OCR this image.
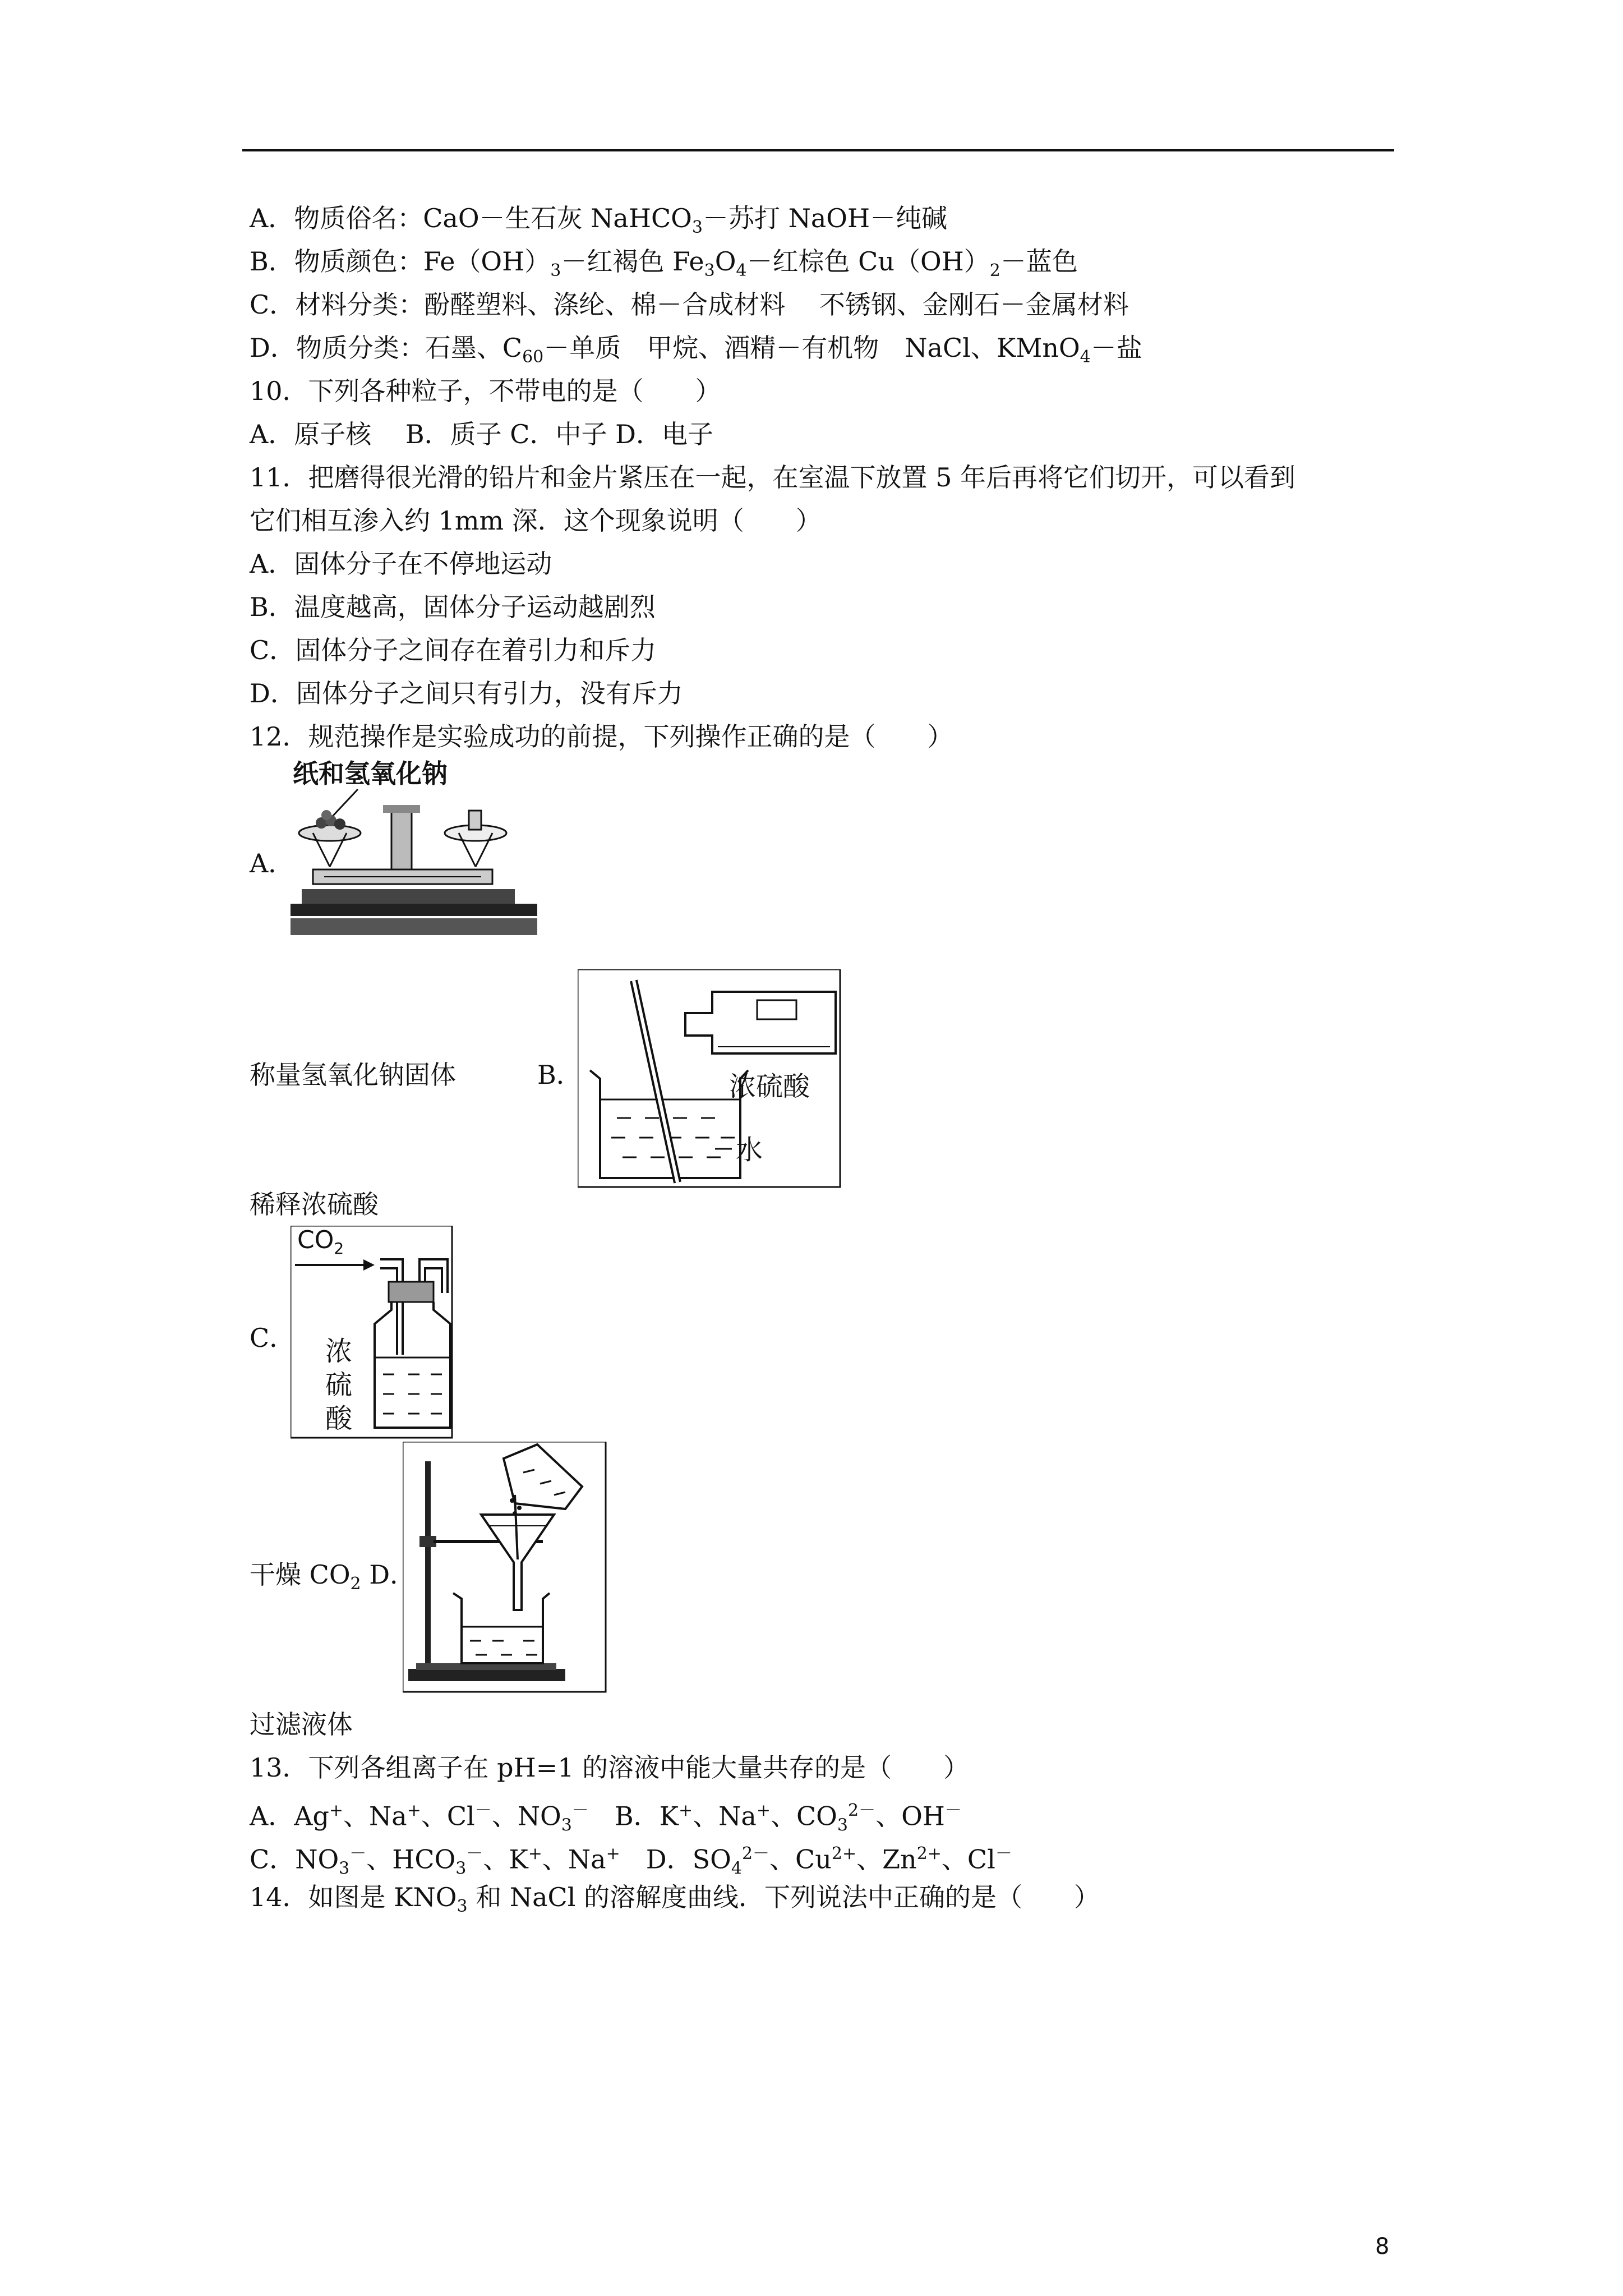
A．物质俗名：CaO－生石灰 NaHCO$_3$－苏打 NaOH－纯碱
B．物质颜色：$Fe(OH)_3-$红褐色 $Fe_3O_4-$红棕色 $Cu(OH)_2-$蓝色
C．材料分类：酚醛塑料、涤纶、棉－合成材料　 不锈钢、金刚石－金属材料
D．物质分类：石墨、$C_{60}-$单质　甲烷、酒精－有机物　NaCl、KMnO$_4$－盐
10．下列各种粒子，不带电的是（　　）
A．原子核　 B．质子 C．中子 D．电子
11．把磨得很光滑的铅片和金片紧压在一起，在室温下放置 5 年后再将它们切开，可以看到
它们相互渗入约 1mm 深．这个现象说明（　　）
A．固体分子在不停地运动
B．温度越高，固体分子运动越剧烈
C．固体分子之间存在着引力和斥力
D．固体分子之间只有引力，没有斥力
12．规范操作是实验成功的前提，下列操作正确的是（　　）
A．
纸和氢氧化钠
称量氢氧化钠固体	B．	浓硫酸
水
稀释浓硫酸
C．
$CO_2$
浓
硫
酸
干燥 $CO_2$ D．
过滤液体
13．下列各组离子在 pH=1 的溶液中能大量共存的是（　　）
A．Ag+、Na+、Cl－、$NO_3^-$　B．K+、Na+、$CO_3^{2-}$、OH－
C．$NO_3^-$、$HCO_3^-$、K+、Na+　D．$SO_4^{2-}$、$Cu^{2+}$、$Zn^{2+}$、Cl－
14．如图是 $KNO_3$ 和 NaCl 的溶解度曲线．下列说法中正确的是（　　）
8
